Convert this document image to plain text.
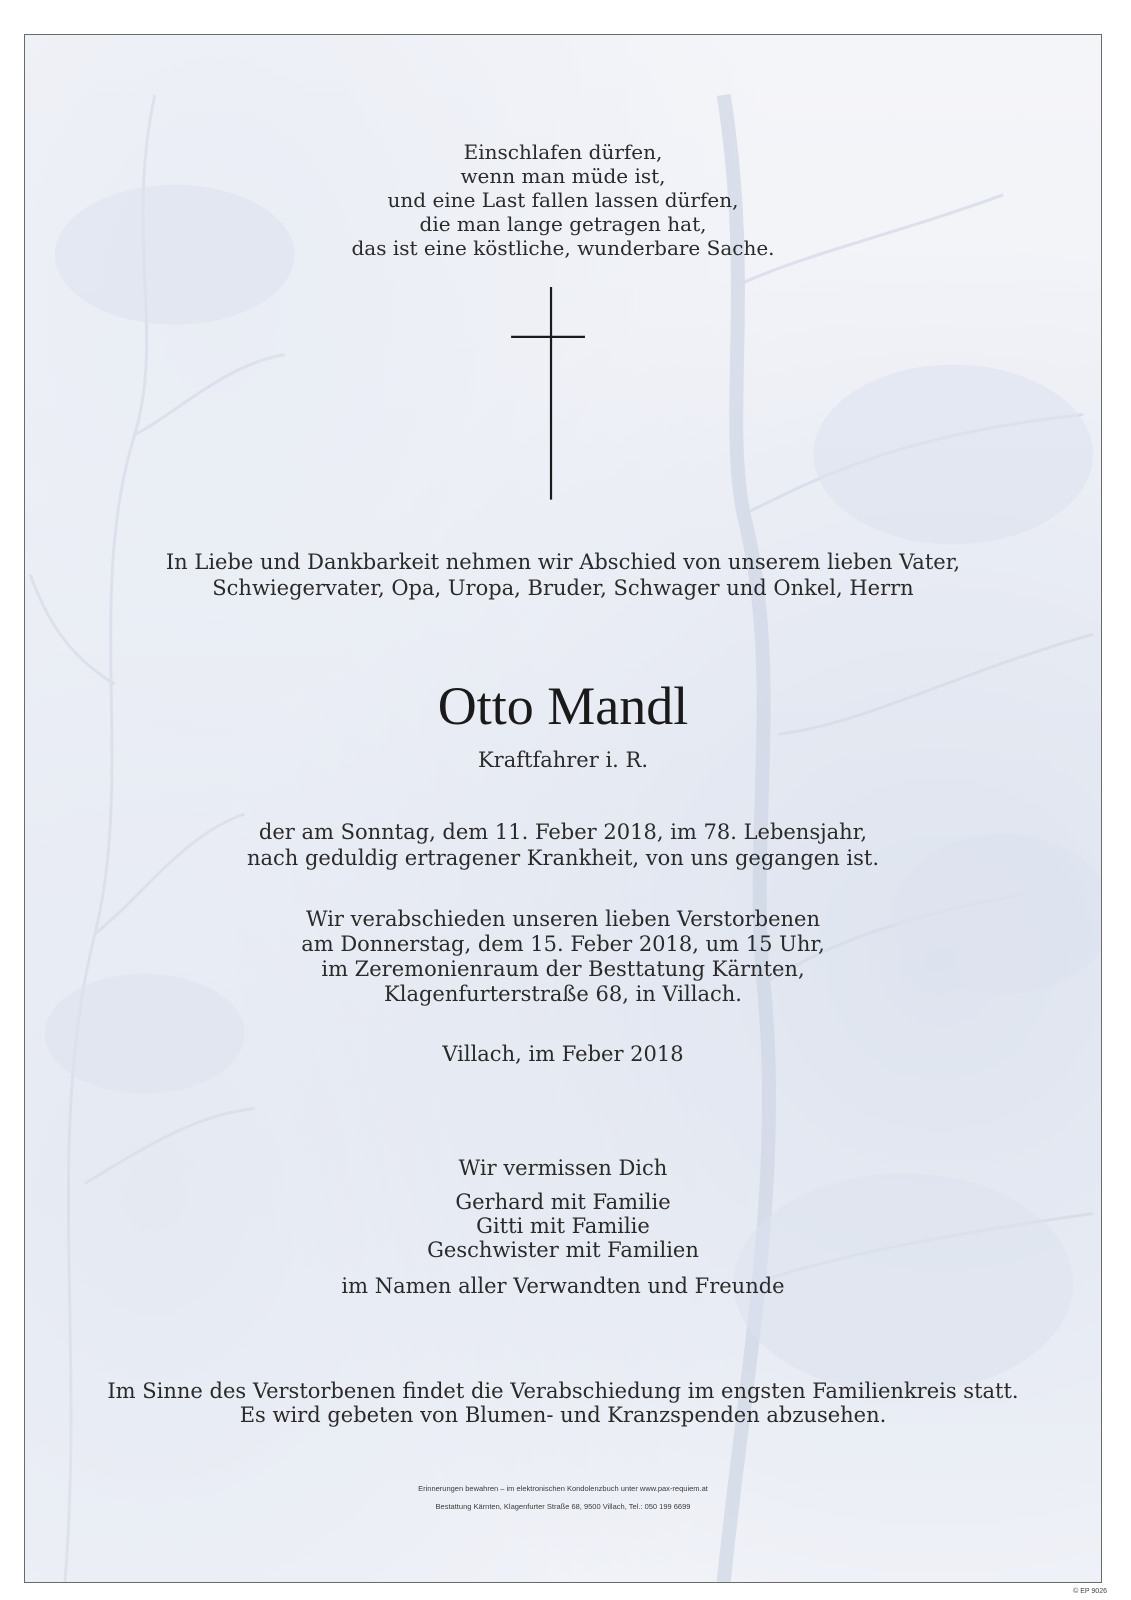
Einschlafen dürfen,
wenn man müde ist,
und eine Last fallen lassen dürfen,
die man lange getragen hat,
das ist eine köstliche, wunderbare Sache.
In Liebe und Dankbarkeit nehmen wir Abschied von unserem lieben Vater,
Schwiegervater, Opa, Uropa, Bruder, Schwager und Onkel, Herrn
Otto Mandl
Kraftfahrer i. R.
der am Sonntag, dem 11. Feber 2018, im 78. Lebensjahr,
nach geduldig ertragener Krankheit, von uns gegangen ist.
Wir verabschieden unseren lieben Verstorbenen
am Donnerstag, dem 15. Feber 2018, um 15 Uhr,
im Zeremonienraum der Besttatung Kärnten,
Klagenfurterstraße 68, in Villach.
Villach, im Feber 2018
Wir vermissen Dich
Gerhard mit Familie
Gitti mit Familie
Geschwister mit Familien
im Namen aller Verwandten und Freunde
Im Sinne des Verstorbenen findet die Verabschiedung im engsten Familienkreis statt.
Es wird gebeten von Blumen- und Kranzspenden abzusehen.
Erinnerungen bewahren – im elektronischen Kondolenzbuch unter www.pax-requiem.at
Bestattung Kärnten, Klagenfurter Straße 68, 9500 Villach, Tel.: 050 199 6699
© EP 9026
